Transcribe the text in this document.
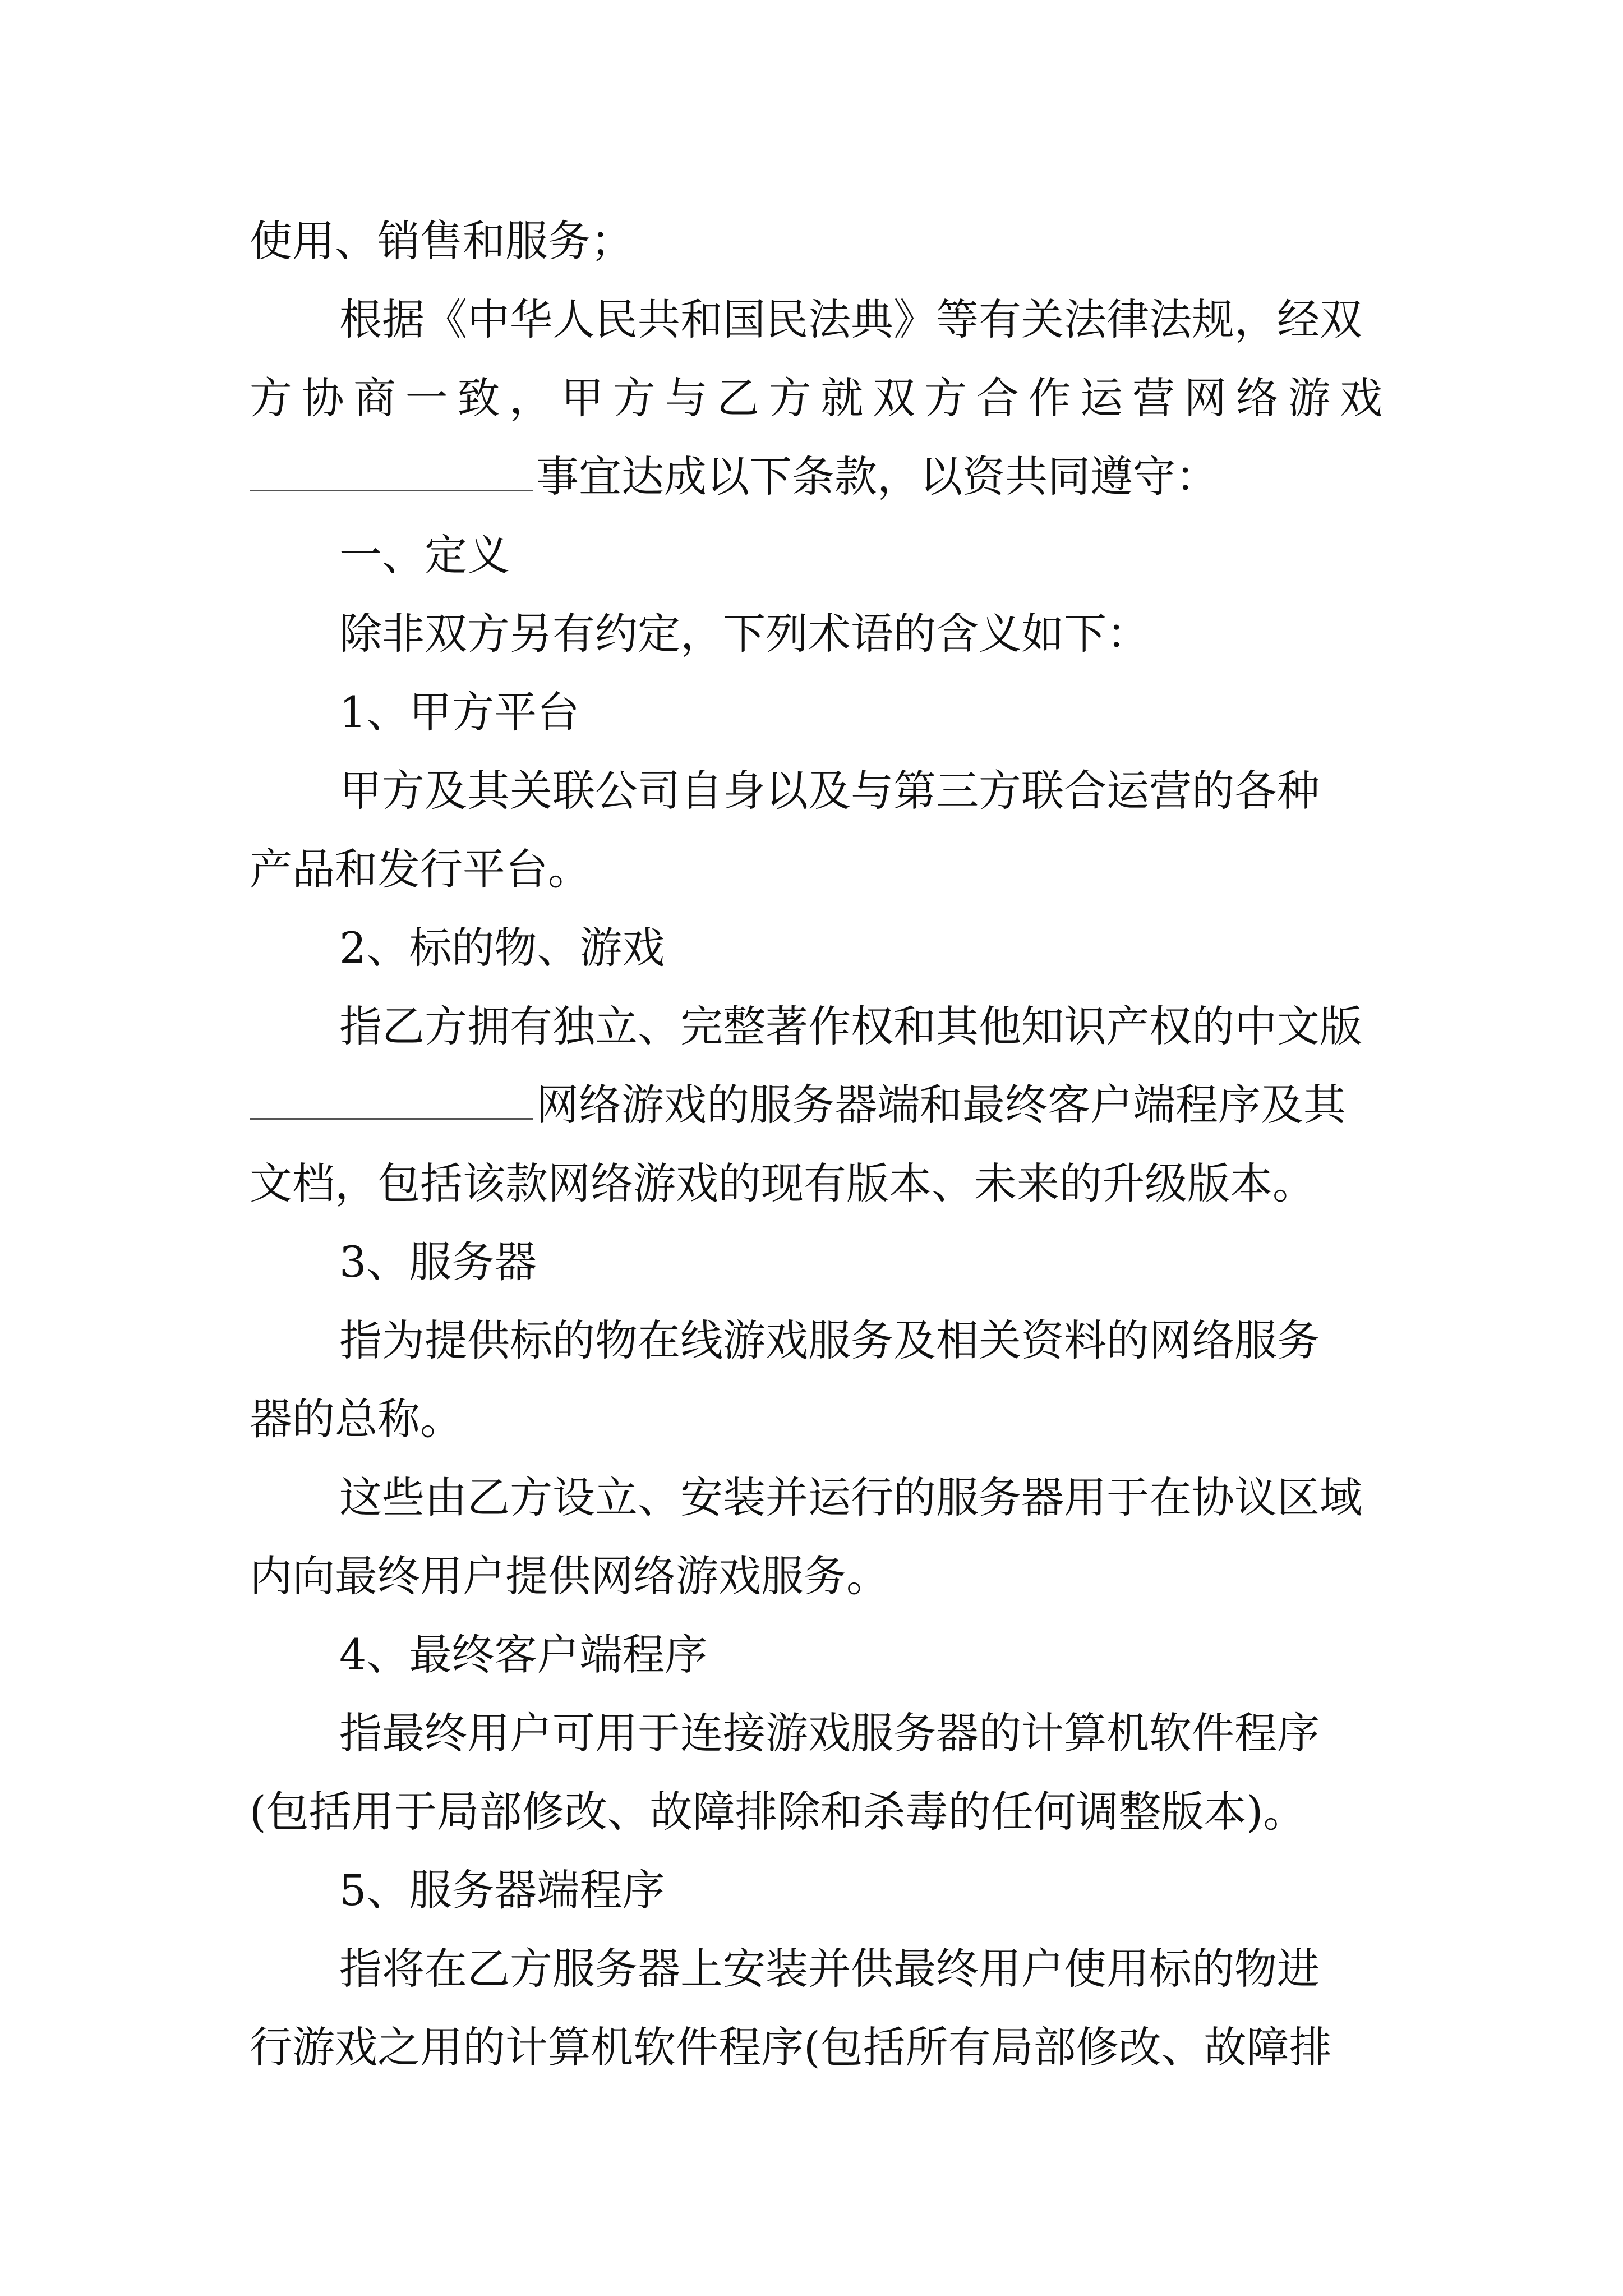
使用、销售和服务；
根据《中华人民共和国民法典》等有关法律法规，经双
方协商一致，甲方与乙方就双方合作运营网络游戏
事宜达成以下条款，以资共同遵守：
一、定义
除非双方另有约定，下列术语的含义如下：
1、甲方平台
甲方及其关联公司自身以及与第三方联合运营的各种
产品和发行平台。
2、标的物、游戏
指乙方拥有独立、完整著作权和其他知识产权的中文版
网络游戏的服务器端和最终客户端程序及其
文档，包括该款网络游戏的现有版本、未来的升级版本。
3、服务器
指为提供标的物在线游戏服务及相关资料的网络服务
器的总称。
这些由乙方设立、安装并运行的服务器用于在协议区域
内向最终用户提供网络游戏服务。
4、最终客户端程序
指最终用户可用于连接游戏服务器的计算机软件程序
(包括用于局部修改、故障排除和杀毒的任何调整版本)。
5、服务器端程序
指将在乙方服务器上安装并供最终用户使用标的物进
行游戏之用的计算机软件程序(包括所有局部修改、故障排
